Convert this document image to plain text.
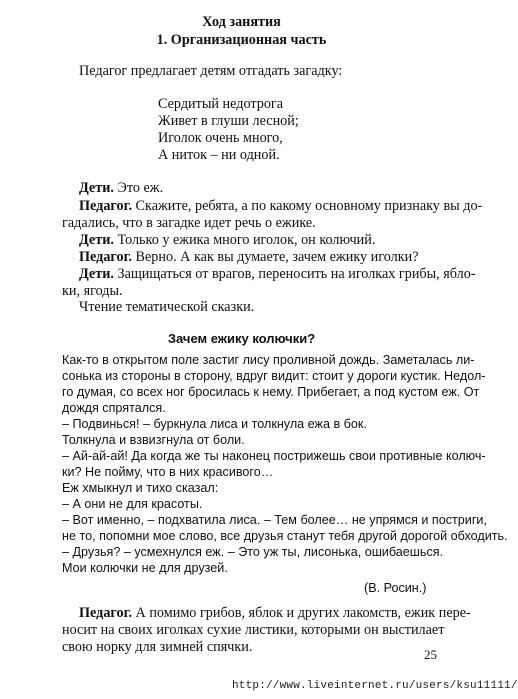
Ход занятия
1. Организационная часть
Педагог предлагает детям отгадать загадку:
Сердитый недотрога
Живет в глуши лесной;
Иголок очень много,
А ниток – ни одной.
Дети. Это еж.
Педагог. Скажите, ребята, а по какому основному признаку вы до-
гадались, что в загадке идет речь о ежике.
Дети. Только у ежика много иголок, он колючий.
Педагог. Верно. А как вы думаете, зачем ежику иголки?
Дети. Защищаться от врагов, переносить на иголках грибы, ябло-
ки, ягоды.
Чтение тематической сказки.
Зачем ежику колючки?
Как-то в открытом поле застиг лису проливной дождь. Заметалась ли-
сонька из стороны в сторону, вдруг видит: стоит у дороги кустик. Недол-
го думая, со всех ног бросилась к нему. Прибегает, а под кустом еж. От
дождя спрятался.
– Подвинься! – буркнула лиса и толкнула ежа в бок.
Толкнула и взвизгнула от боли.
– Ай-ай-ай! Да когда же ты наконец пострижешь свои противные колюч-
ки? Не пойму, что в них красивого…
Еж хмыкнул и тихо сказал:
– А они не для красоты.
– Вот именно, – подхватила лиса. – Тем более… не упрямся и постриги,
не то, попомни мое слово, все друзья станут тебя другой дорогой обходить.
– Друзья? – усмехнулся еж. – Это уж ты, лисонька, ошибаешься.
Мои колючки не для друзей.
(В. Росин.)
Педагог. А помимо грибов, яблок и других лакомств, ежик пере-
носит на своих иголках сухие листики, которыми он выстилает
свою норку для зимней спячки.	25
http://www.liveinternet.ru/users/ksu11111/
